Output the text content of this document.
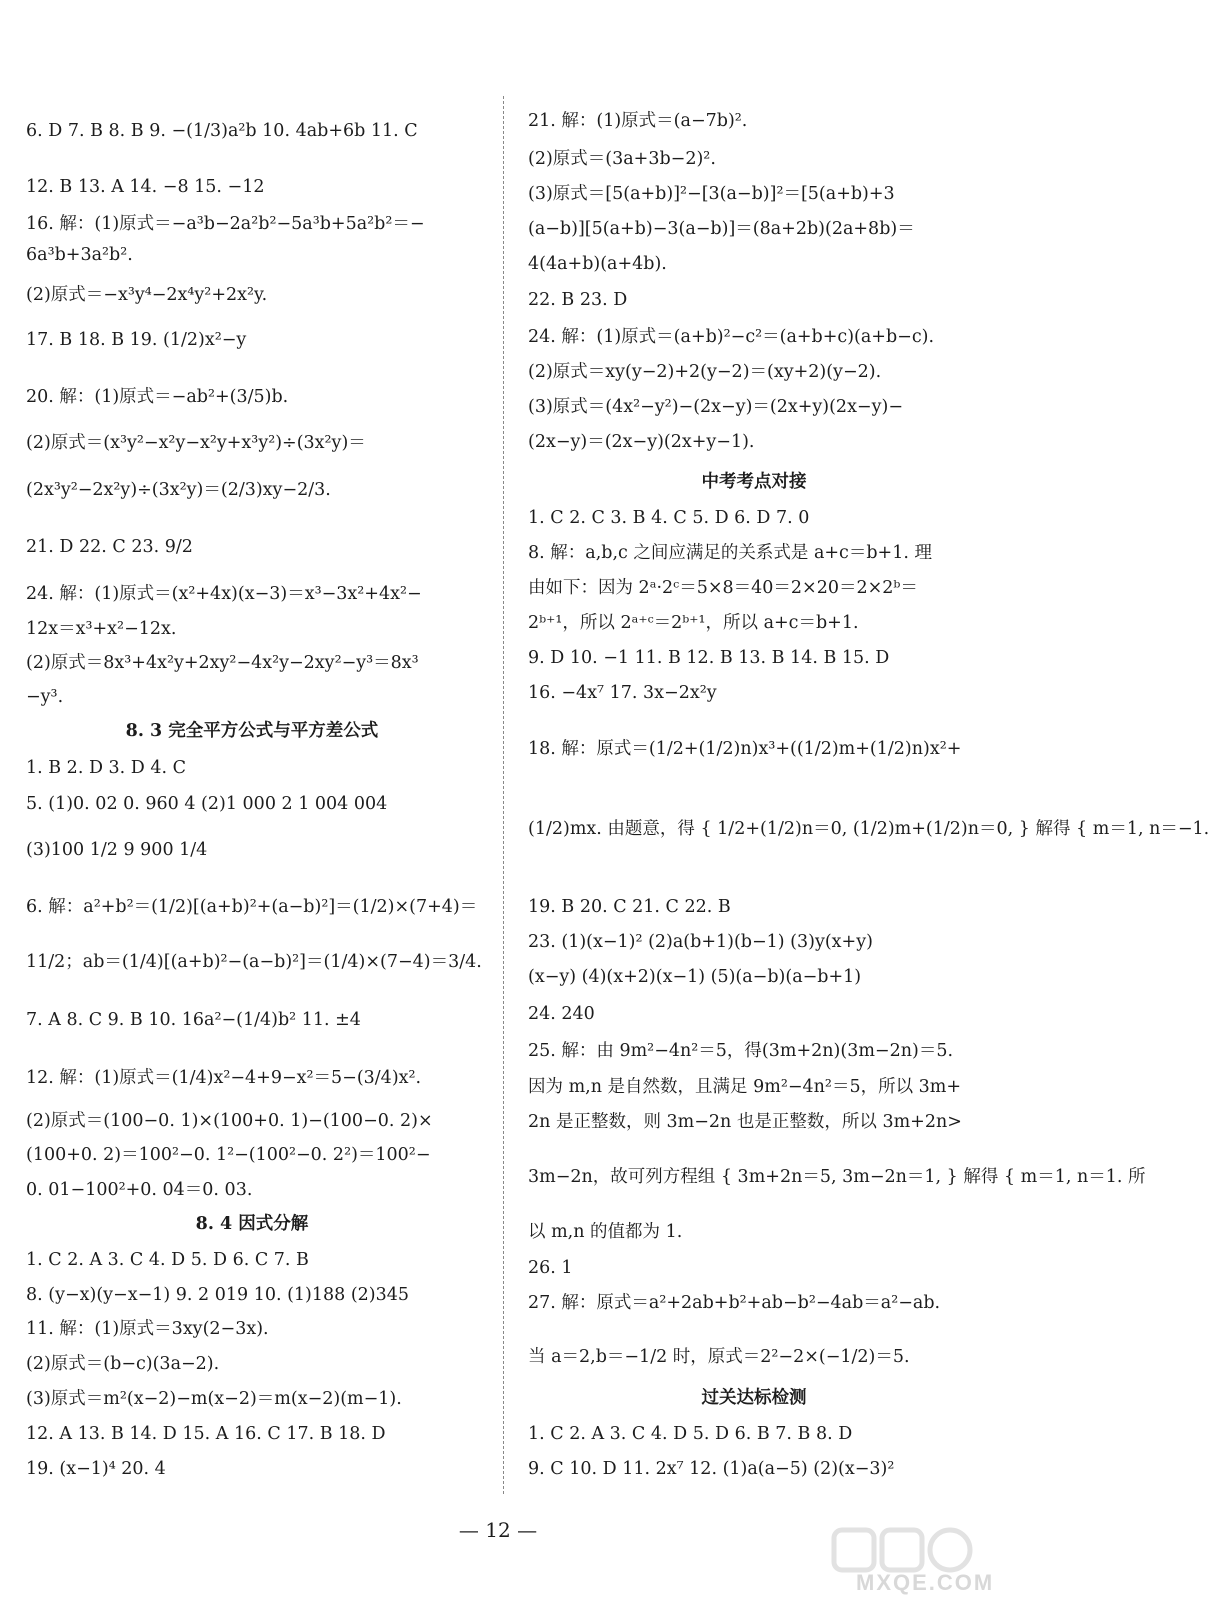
8. 3 完全平方公式与平方差公式
8. 4 因式分解
6. D 7. B 8. B 9. −(1/3)a²b 10. 4ab+6b 11. C
12. B 13. A 14. −8 15. −12
16. 解：(1)原式＝−a³b−2a²b²−5a³b+5a²b²＝−
6a³b+3a²b².
(2)原式＝−x³y⁴−2x⁴y²+2x²y.
17. B 18. B 19. (1/2)x²−y
20. 解：(1)原式＝−ab²+(3/5)b.
(2)原式＝(x³y²−x²y−x²y+x³y²)÷(3x²y)＝
(2x³y²−2x²y)÷(3x²y)＝(2/3)xy−2/3.
21. D 22. C 23. 9/2
24. 解：(1)原式＝(x²+4x)(x−3)＝x³−3x²+4x²−
12x＝x³+x²−12x.
(2)原式＝8x³+4x²y+2xy²−4x²y−2xy²−y³＝8x³
−y³.
1. B 2. D 3. D 4. C
5. (1)0. 02 0. 960 4 (2)1 000 2 1 004 004
(3)100 1/2 9 900 1/4
6. 解：a²+b²＝(1/2)[(a+b)²+(a−b)²]＝(1/2)×(7+4)＝
11/2；ab＝(1/4)[(a+b)²−(a−b)²]＝(1/4)×(7−4)＝3/4.
7. A 8. C 9. B 10. 16a²−(1/4)b² 11. ±4
12. 解：(1)原式＝(1/4)x²−4+9−x²＝5−(3/4)x².
(2)原式＝(100−0. 1)×(100+0. 1)−(100−0. 2)×
(100+0. 2)＝100²−0. 1²−(100²−0. 2²)＝100²−
0. 01−100²+0. 04＝0. 03.
1. C 2. A 3. C 4. D 5. D 6. C 7. B
8. (y−x)(y−x−1) 9. 2 019 10. (1)188 (2)345
11. 解：(1)原式＝3xy(2−3x).
(2)原式＝(b−c)(3a−2).
(3)原式＝m²(x−2)−m(x−2)＝m(x−2)(m−1).
12. A 13. B 14. D 15. A 16. C 17. B 18. D
19. (x−1)⁴ 20. 4
中考考点对接
过关达标检测
21. 解：(1)原式＝(a−7b)².
(2)原式＝(3a+3b−2)².
(3)原式＝[5(a+b)]²−[3(a−b)]²＝[5(a+b)+3
(a−b)][5(a+b)−3(a−b)]＝(8a+2b)(2a+8b)＝
4(4a+b)(a+4b).
22. B 23. D
24. 解：(1)原式＝(a+b)²−c²＝(a+b+c)(a+b−c).
(2)原式＝xy(y−2)+2(y−2)＝(xy+2)(y−2).
(3)原式＝(4x²−y²)−(2x−y)＝(2x+y)(2x−y)−
(2x−y)＝(2x−y)(2x+y−1).
1. C 2. C 3. B 4. C 5. D 6. D 7. 0
8. 解：a,b,c 之间应满足的关系式是 a+c＝b+1. 理
由如下：因为 2ᵃ·2ᶜ＝5×8＝40＝2×20＝2×2ᵇ＝
2ᵇ⁺¹，所以 2ᵃ⁺ᶜ＝2ᵇ⁺¹，所以 a+c＝b+1.
9. D 10. −1 11. B 12. B 13. B 14. B 15. D
16. −4x⁷ 17. 3x−2x²y
18. 解：原式＝(1/2+(1/2)n)x³+((1/2)m+(1/2)n)x²+
(1/2)mx. 由题意，得 { 1/2+(1/2)n＝0, (1/2)m+(1/2)n＝0, } 解得 { m＝1, n＝−1.
19. B 20. C 21. C 22. B
23. (1)(x−1)² (2)a(b+1)(b−1) (3)y(x+y)
(x−y) (4)(x+2)(x−1) (5)(a−b)(a−b+1)
24. 240
25. 解：由 9m²−4n²＝5，得(3m+2n)(3m−2n)＝5.
因为 m,n 是自然数，且满足 9m²−4n²＝5，所以 3m+
2n 是正整数，则 3m−2n 也是正整数，所以 3m+2n>
3m−2n，故可列方程组 { 3m+2n＝5, 3m−2n＝1, } 解得 { m＝1, n＝1. 所
以 m,n 的值都为 1.
26. 1
27. 解：原式＝a²+2ab+b²+ab−b²−4ab＝a²−ab.
当 a＝2,b＝−1/2 时，原式＝2²−2×(−1/2)＝5.
1. C 2. A 3. C 4. D 5. D 6. B 7. B 8. D
9. C 10. D 11. 2x⁷ 12. (1)a(a−5) (2)(x−3)²
— 12 —
MXQE.COM
